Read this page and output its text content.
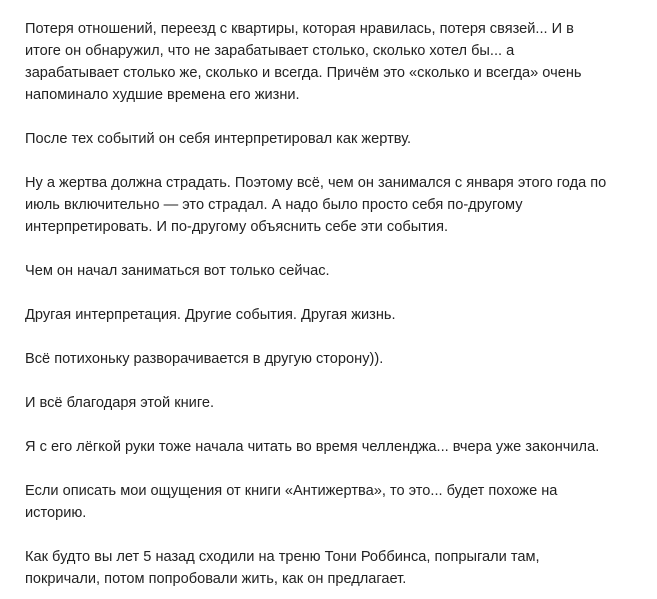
Потеря отношений, переезд с квартиры, которая нравилась, потеря связей... И в
итоге он обнаружил, что не зарабатывает столько, сколько хотел бы... а
зарабатывает столько же, сколько и всегда. Причём это «сколько и всегда» очень
напоминало худшие времена его жизни.

После тех событий он себя интерпретировал как жертву.

Ну а жертва должна страдать. Поэтому всё, чем он занимался с января этого года по
июль включительно — это страдал. А надо было просто себя по-другому
интерпретировать. И по-другому объяснить себе эти события.

Чем он начал заниматься вот только сейчас.

Другая интерпретация. Другие события. Другая жизнь.

Всё потихоньку разворачивается в другую сторону)).

И всё благодаря этой книге.

Я с его лёгкой руки тоже начала читать во время челленджа... вчера уже закончила.

Если описать мои ощущения от книги «Антижертва», то это... будет похоже на
историю.

Как будто вы лет 5 назад сходили на треню Тони Роббинса, попрыгали там,
покричали, потом попробовали жить, как он предлагает.
